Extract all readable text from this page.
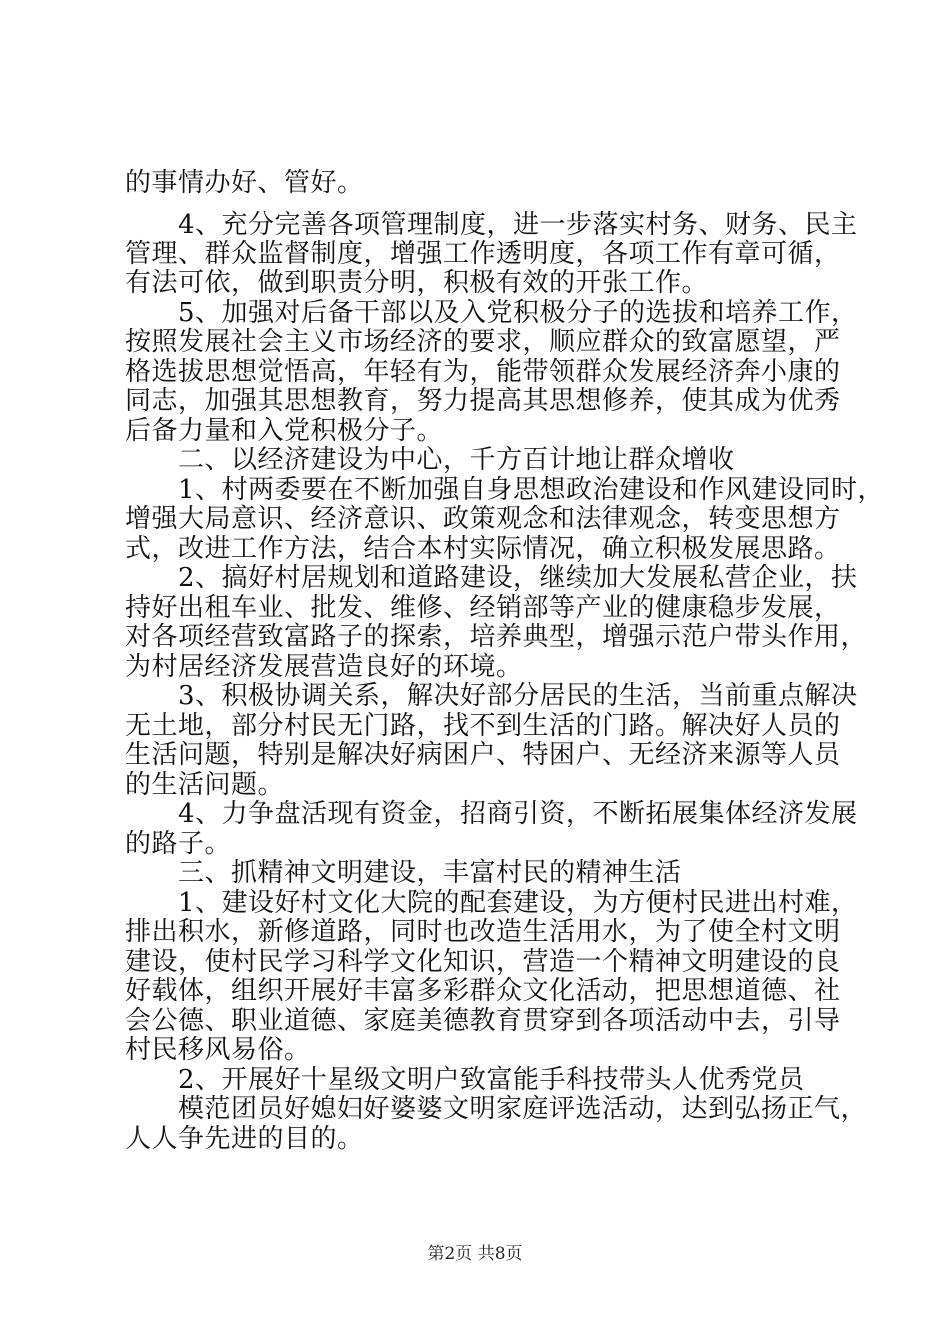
的事情办好、管好。
4、充分完善各项管理制度，进一步落实村务、财务、民主
管理、群众监督制度，增强工作透明度，各项工作有章可循，
有法可依，做到职责分明，积极有效的开张工作。
5、加强对后备干部以及入党积极分子的选拔和培养工作，
按照发展社会主义市场经济的要求，顺应群众的致富愿望，严
格选拔思想觉悟高，年轻有为，能带领群众发展经济奔小康的
同志，加强其思想教育，努力提高其思想修养，使其成为优秀
后备力量和入党积极分子。
二、以经济建设为中心，千方百计地让群众增收
1、村两委要在不断加强自身思想政治建设和作风建设同时，
增强大局意识、经济意识、政策观念和法律观念，转变思想方
式，改进工作方法，结合本村实际情况，确立积极发展思路。
2、搞好村居规划和道路建设，继续加大发展私营企业，扶
持好出租车业、批发、维修、经销部等产业的健康稳步发展，
对各项经营致富路子的探索，培养典型，增强示范户带头作用，
为村居经济发展营造良好的环境。
3、积极协调关系，解决好部分居民的生活，当前重点解决
无土地，部分村民无门路，找不到生活的门路。解决好人员的
生活问题，特别是解决好病困户、特困户、无经济来源等人员
的生活问题。
4、力争盘活现有资金，招商引资，不断拓展集体经济发展
的路子。
三、抓精神文明建设，丰富村民的精神生活
1、建设好村文化大院的配套建设，为方便村民进出村难，
排出积水，新修道路，同时也改造生活用水，为了使全村文明
建设，使村民学习科学文化知识，营造一个精神文明建设的良
好载体，组织开展好丰富多彩群众文化活动，把思想道德、社
会公德、职业道德、家庭美德教育贯穿到各项活动中去，引导
村民移风易俗。
2、开展好十星级文明户致富能手科技带头人优秀党员
模范团员好媳妇好婆婆文明家庭评选活动，达到弘扬正气，
人人争先进的目的。
第2页 共8页
